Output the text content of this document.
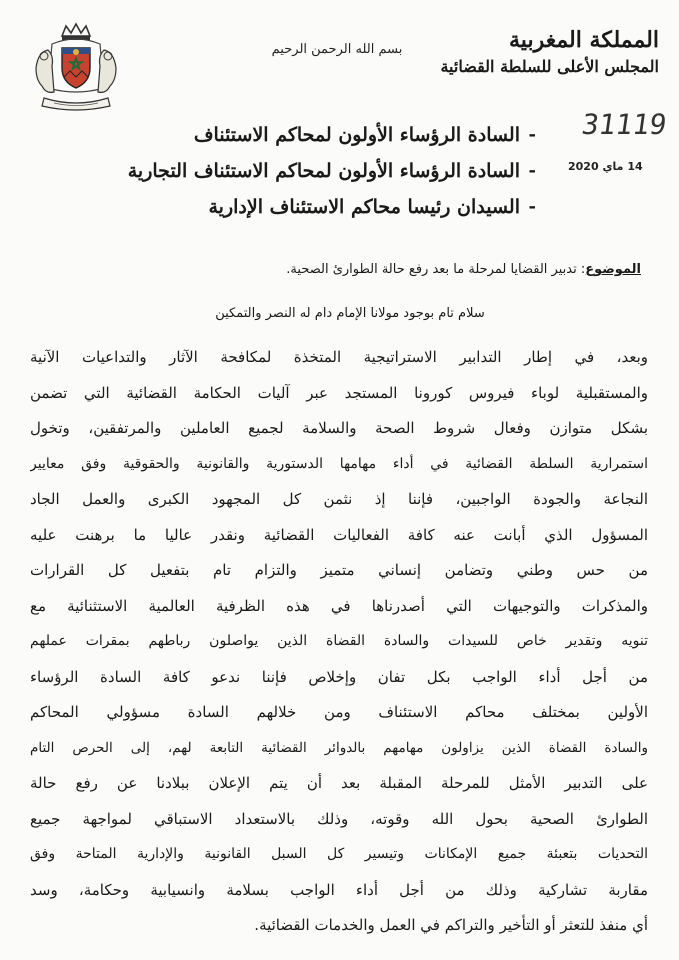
بسم الله الرحمن الرحيم	المملكة المغربية
المجلس الأعلى للسلطة القضائية
31119
14 ماي 2020
-
السادة الرؤساء الأولون لمحاكم الاستئناف
-
السادة الرؤساء الأولون لمحاكم الاستئناف التجارية
-
السيدان رئيسا محاكم الاستئناف الإدارية
الموضوع: تدبير القضايا لمرحلة ما بعد رفع حالة الطوارئ الصحية.
سلام تام بوجود مولانا الإمام دام له النصر والتمكين
وبعد، في إطار التدابير الاستراتيجية المتخذة لمكافحة الآثار والتداعيات الآنية
والمستقبلية لوباء فيروس كورونا المستجد عبر آليات الحكامة القضائية التي تضمن
بشكل متوازن وفعال شروط الصحة والسلامة لجميع العاملين والمرتفقين، وتخول
استمرارية السلطة القضائية في أداء مهامها الدستورية والقانونية والحقوقية وفق معايير
النجاعة والجودة الواجبين، فإننا إذ نثمن كل المجهود الكبرى والعمل الجاد
المسؤول الذي أبانت عنه كافة الفعاليات القضائية ونقدر عاليا ما برهنت عليه
من حس وطني وتضامن إنساني متميز والتزام تام بتفعيل كل القرارات
والمذكرات والتوجيهات التي أصدرناها في هذه الظرفية العالمية الاستثنائية مع
تنويه وتقدير خاص للسيدات والسادة القضاة الذين يواصلون رباطهم بمقرات عملهم
من أجل أداء الواجب بكل تفان وإخلاص فإننا ندعو كافة السادة الرؤساء
الأولين بمختلف محاكم الاستئناف ومن خلالهم السادة مسؤولي المحاكم
والسادة القضاة الذين يزاولون مهامهم بالدوائر القضائية التابعة لهم، إلى الحرص التام
على التدبير الأمثل للمرحلة المقبلة بعد أن يتم الإعلان ببلادنا عن رفع حالة
الطوارئ الصحية بحول الله وقوته، وذلك بالاستعداد الاستباقي لمواجهة جميع
التحديات بتعبئة جميع الإمكانات وتيسير كل السبل القانونية والإدارية المتاحة وفق
مقاربة تشاركية وذلك من أجل أداء الواجب بسلامة وانسيابية وحكامة، وسد
أي منفذ للتعثر أو التأخير والتراكم في العمل والخدمات القضائية.
